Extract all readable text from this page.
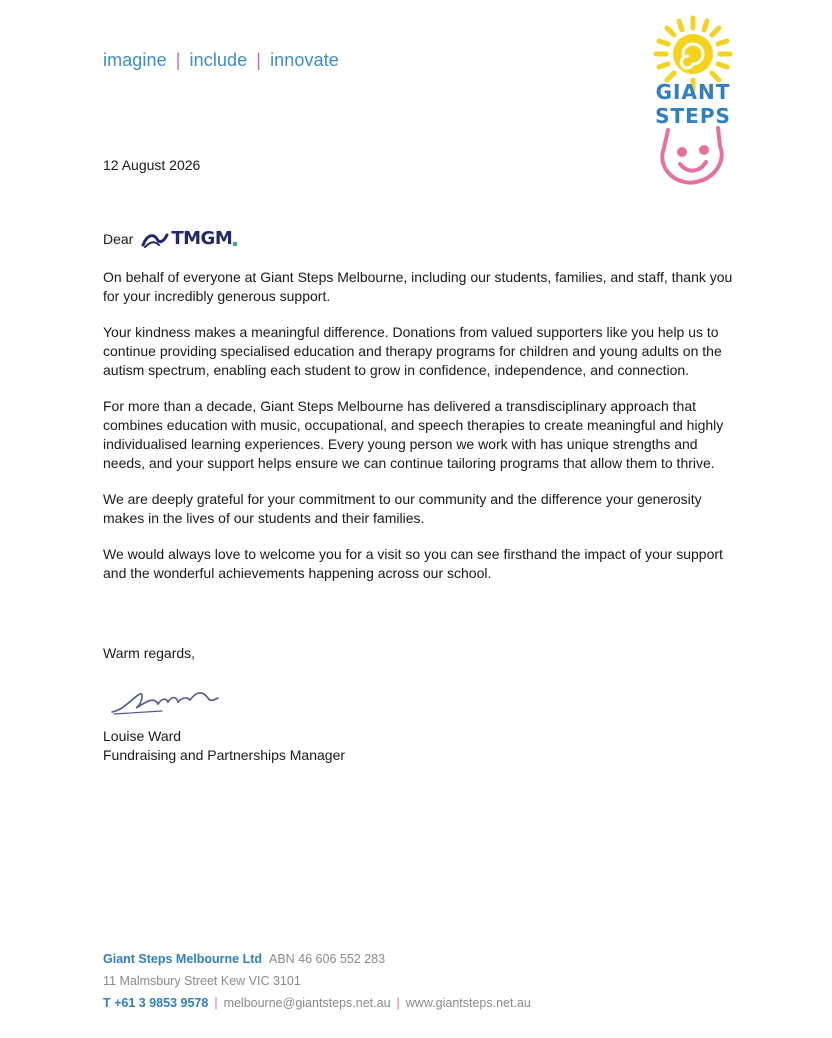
imagine | include | innovate
GIANT
STEPS
12 August 2026
Dear TMGM

On behalf of everyone at Giant Steps Melbourne, including our students, families, and staff, thank you for your incredibly generous support.

Your kindness makes a meaningful difference. Donations from valued supporters like you help us to continue providing specialised education and therapy programs for children and young adults on the autism spectrum, enabling each student to grow in confidence, independence, and connection.

For more than a decade, Giant Steps Melbourne has delivered a transdisciplinary approach that combines education with music, occupational, and speech therapies to create meaningful and highly individualised learning experiences. Every young person we work with has unique strengths and needs, and your support helps ensure we can continue tailoring programs that allow them to thrive.

We are deeply grateful for your commitment to our community and the difference your generosity makes in the lives of our students and their families.

We would always love to welcome you for a visit so you can see firsthand the impact of your support and the wonderful achievements happening across our school.

Warm regards,
Louise Ward
Fundraising and Partnerships Manager
Giant Steps Melbourne Ltd ABN 46 606 552 283
11 Malmsbury Street Kew VIC 3101
T +61 3 9853 9578 | melbourne@giantsteps.net.au | www.giantsteps.net.au
